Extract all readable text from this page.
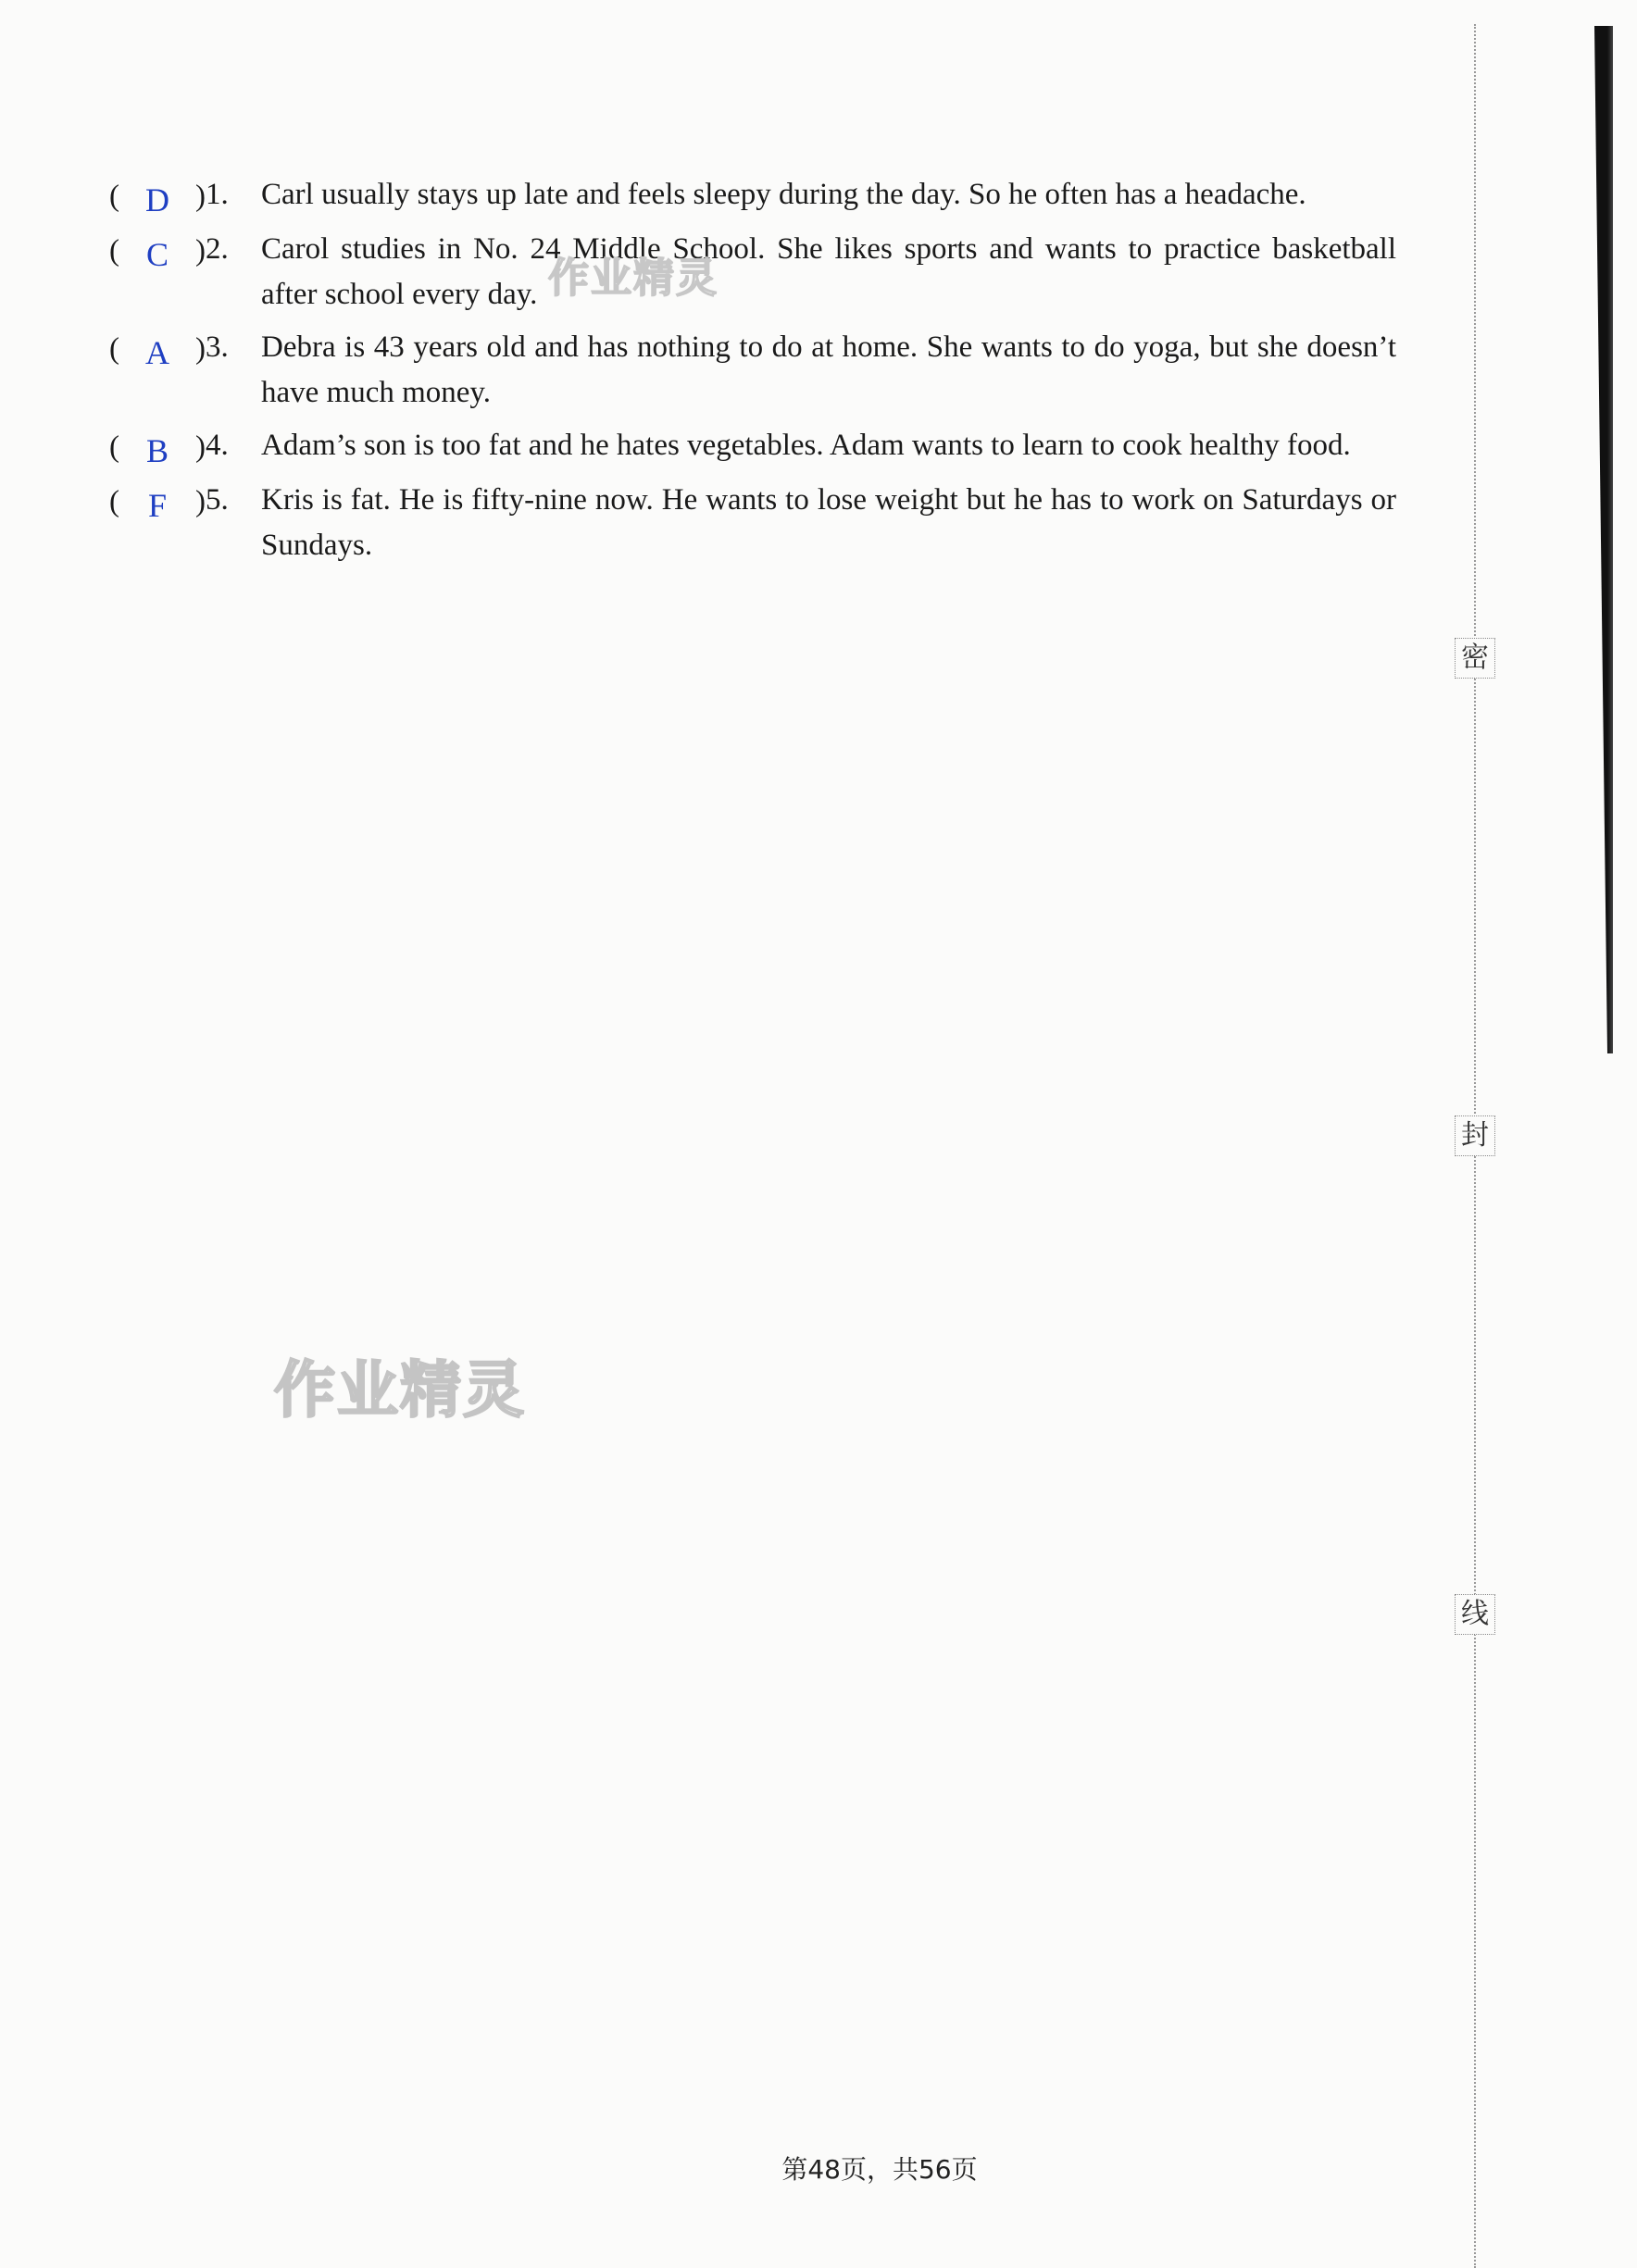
( D ) 1.	Carl usually stays up late and feels sleepy during the day. So he often has a headache.
( C ) 2.	Carol studies in No. 24 Middle School. She likes sports and wants to practice basketball after school every day.
( A ) 3.	Debra is 43 years old and has nothing to do at home. She wants to do yoga, but she doesn’t have much money.
( B ) 4.	Adam’s son is too fat and he hates vegetables. Adam wants to learn to cook healthy food.
( F ) 5.	Kris is fat. He is fifty-nine now. He wants to lose weight but he has to work on Saturdays or Sundays.
作业精灵
作业精灵
密
封
线
第48页，共56页
